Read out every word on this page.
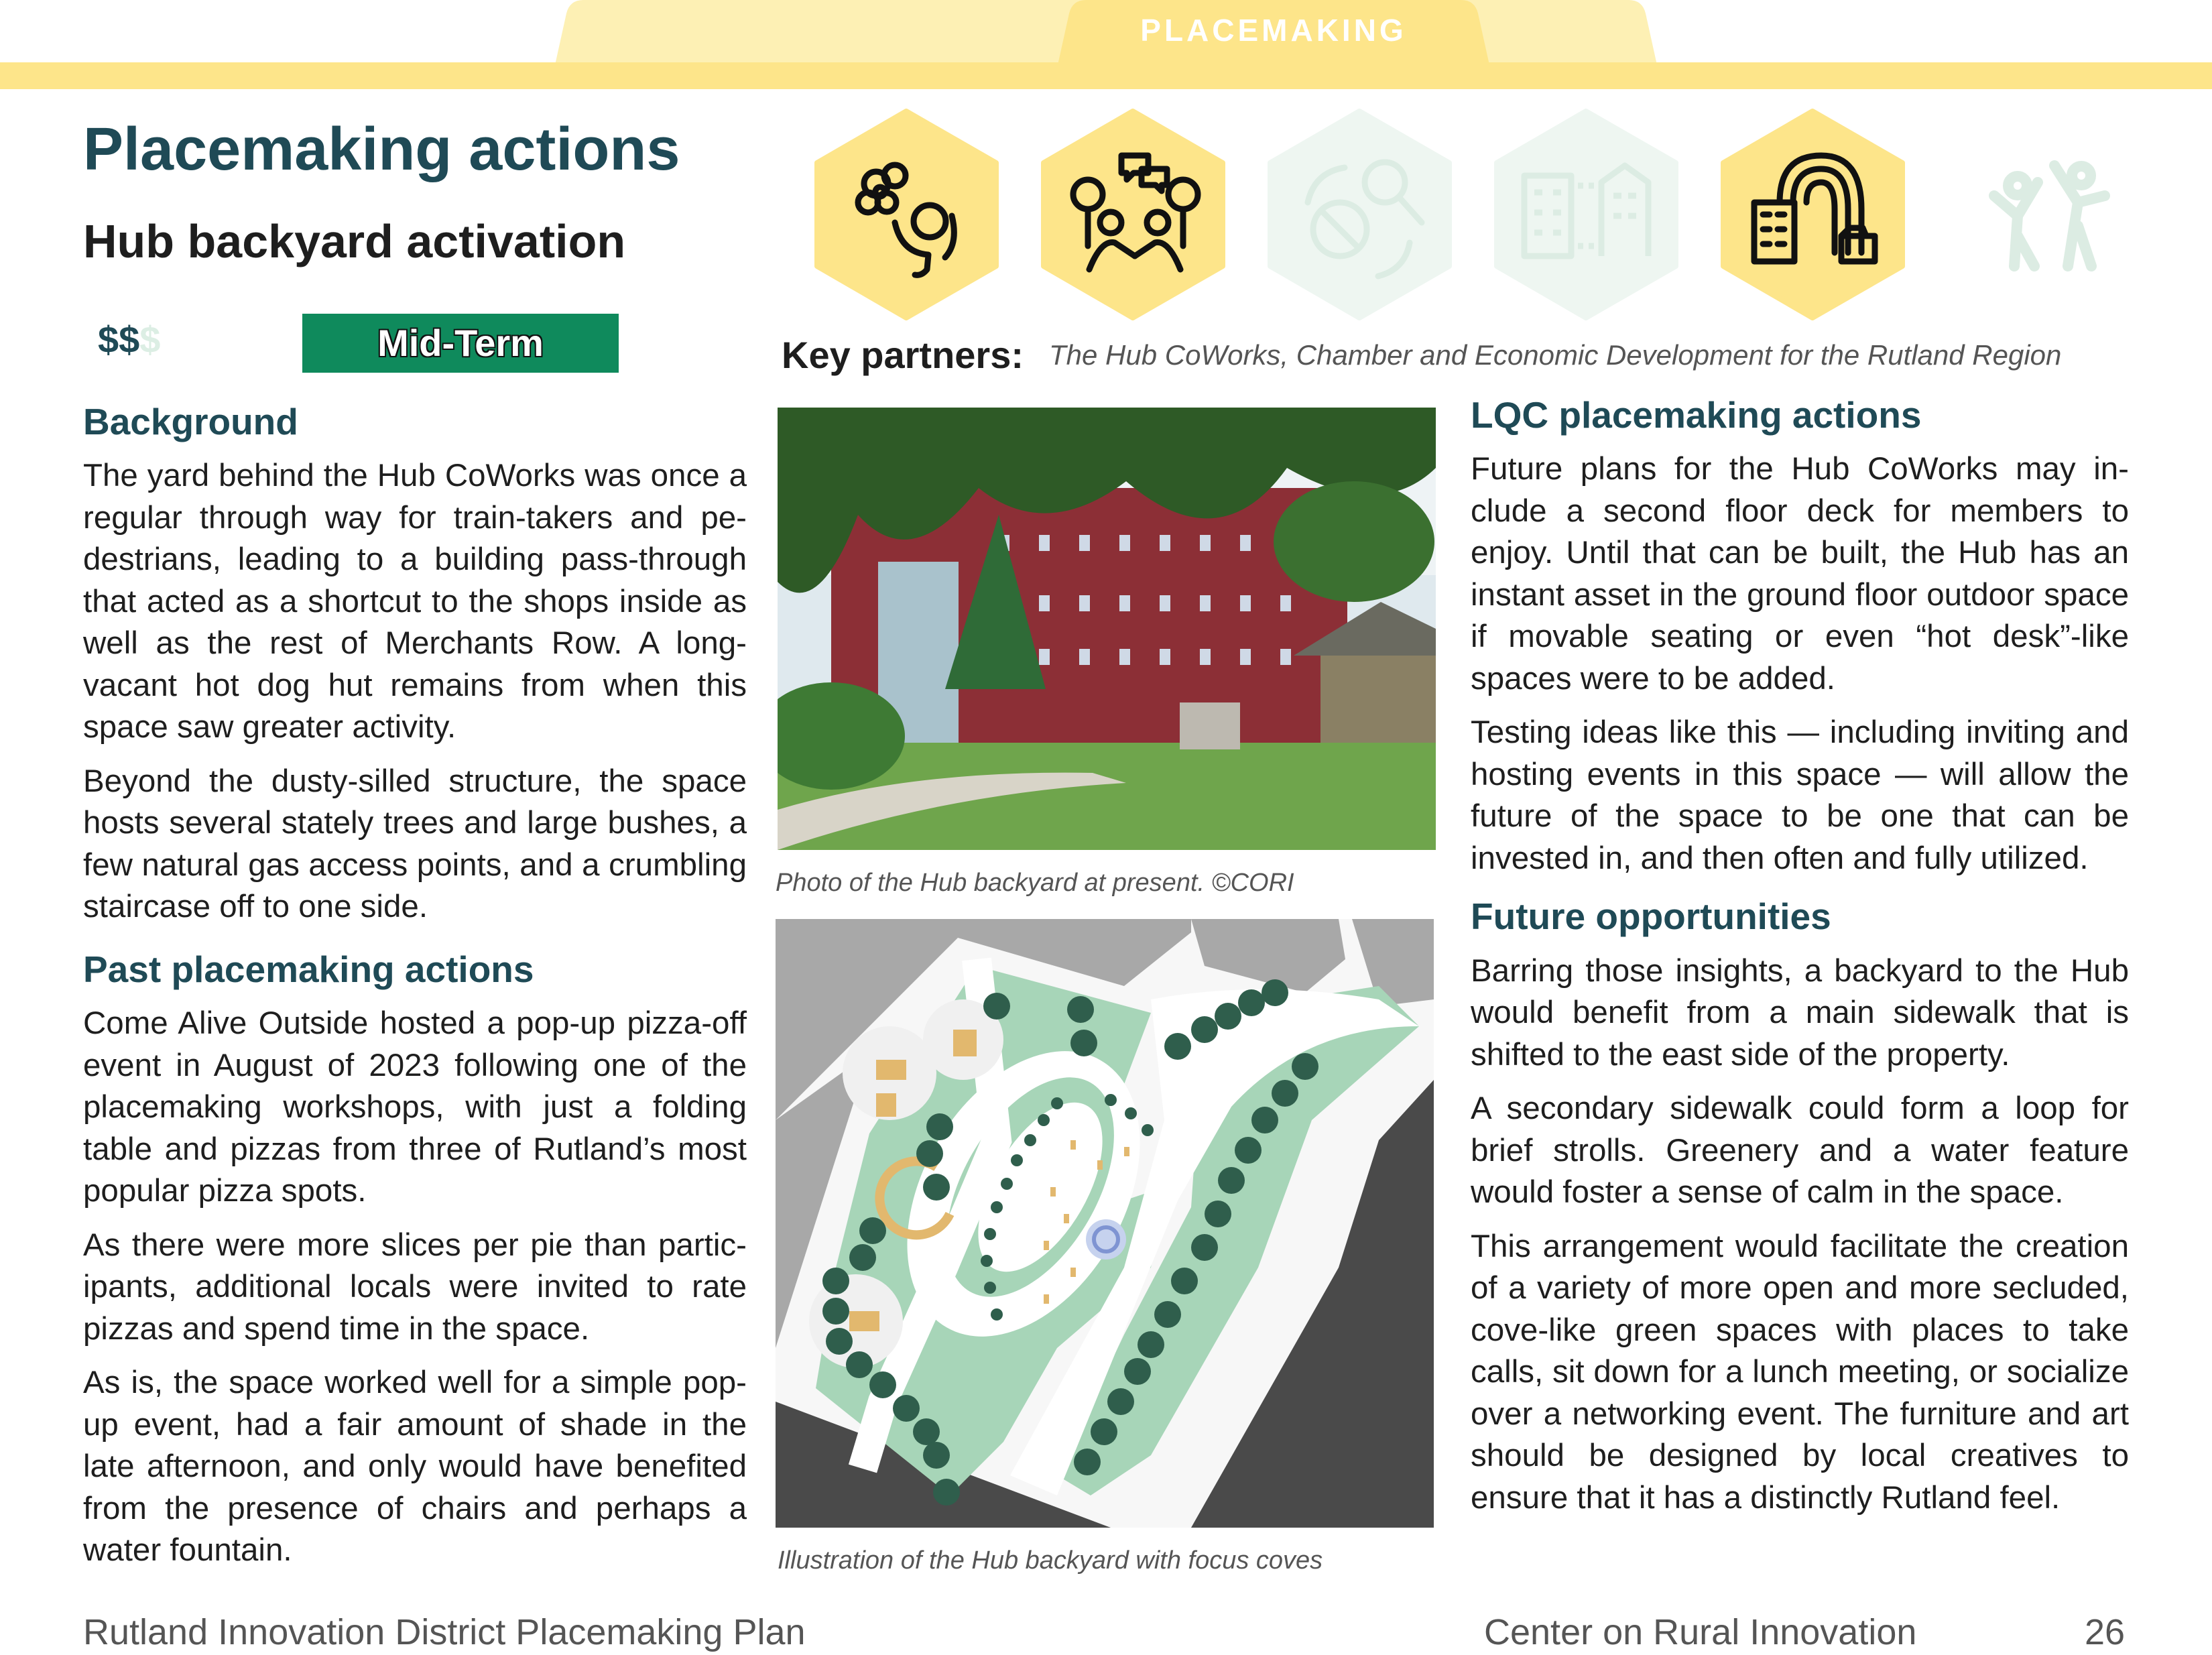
PLACEMAKING
Placemaking actions
Hub backyard activation
$$$	Mid-Term	Key partners: The Hub CoWorks, Chamber and Economic Development for the Rutland Region
Background

The yard behind the Hub CoWorks was once a regular through way for train-takers and pedestrians, leading to a building pass-through that acted as a shortcut to the shops inside as well as the rest of Merchants Row. A long-vacant hot dog hut remains from when this space saw greater activity.

Beyond the dusty-silled structure, the space hosts several stately trees and large bushes, a few natural gas access points, and a crumbling staircase off to one side.

Past placemaking actions

Come Alive Outside hosted a pop-up pizza-off event in August of 2023 following one of the placemaking workshops, with just a folding table and pizzas from three of Rutland’s most popular pizza spots.

As there were more slices per pie than participants, additional locals were invited to rate pizzas and spend time in the space.

As is, the space worked well for a simple pop-up event, had a fair amount of shade in the late afternoon, and only would have benefited from the presence of chairs and perhaps a water fountain.

Photo of the Hub backyard at present. ©CORI
Illustration of the Hub backyard with focus coves
LQC placemaking actions

Future plans for the Hub CoWorks may include a second floor deck for members to enjoy. Until that can be built, the Hub has an instant asset in the ground floor outdoor space if movable seating or even “hot desk”-like spaces were to be added.

Testing ideas like this — including inviting and hosting events in this space — will allow the future of the space to be one that can be invested in, and then often and fully utilized.

Future opportunities

Barring those insights, a backyard to the Hub would benefit from a main sidewalk that is shifted to the east side of the property.

A secondary sidewalk could form a loop for brief strolls. Greenery and a water feature would foster a sense of calm in the space.

This arrangement would facilitate the creation of a variety of more open and more secluded, cove-like green spaces with places to take calls, sit down for a lunch meeting, or socialize over a networking event. The furniture and art should be designed by local creatives to ensure that it has a distinctly Rutland feel.

Rutland Innovation District Placemaking Plan	Center on Rural Innovation	26
